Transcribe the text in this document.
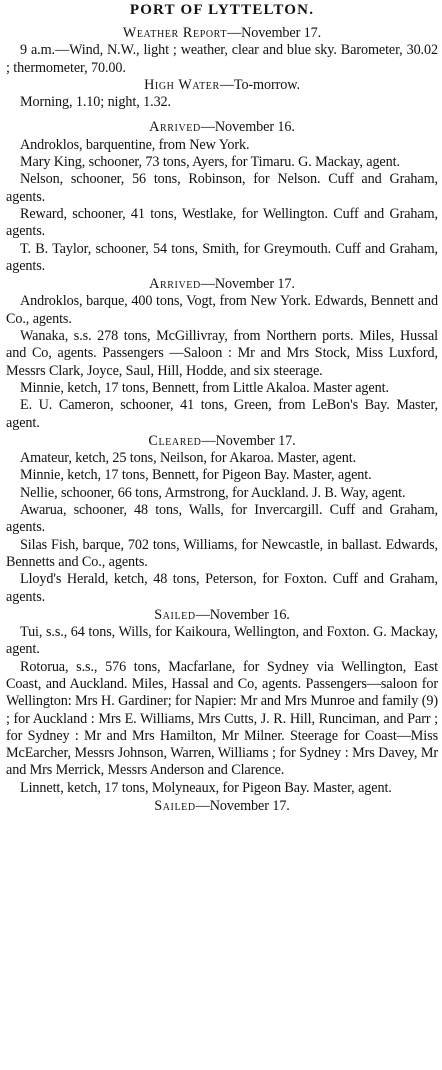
PORT OF LYTTELTON.
Weather Report—November 17.

9 a.m.—Wind, N.W., light ; weather, clear and blue sky. Barometer, 30.02 ; thermometer, 70.00.

High Water—To-morrow.

Morning, 1.10; night, 1.32.

Arrived—November 16.

Androklos, barquentine, from New York.

Mary King, schooner, 73 tons, Ayers, for Timaru. G. Mackay, agent.

Nelson, schooner, 56 tons, Robinson, for Nelson. Cuff and Graham, agents.

Reward, schooner, 41 tons, Westlake, for Wellington. Cuff and Graham, agents.

T. B. Taylor, schooner, 54 tons, Smith, for Greymouth. Cuff and Graham, agents.

Arrived—November 17.

Androklos, barque, 400 tons, Vogt, from New York. Edwards, Bennett and Co., agents.

Wanaka, s.s. 278 tons, McGillivray, from Northern ports. Miles, Hussal and Co, agents. Passengers —Saloon : Mr and Mrs Stock, Miss Luxford, Messrs Clark, Joyce, Saul, Hill, Hodde, and six steerage.

Minnie, ketch, 17 tons, Bennett, from Little Akaloa. Master agent.

E. U. Cameron, schooner, 41 tons, Green, from LeBon's Bay. Master, agent.

Cleared—November 17.

Amateur, ketch, 25 tons, Neilson, for Akaroa. Master, agent.

Minnie, ketch, 17 tons, Bennett, for Pigeon Bay. Master, agent.

Nellie, schooner, 66 tons, Armstrong, for Auckland. J. B. Way, agent.

Awarua, schooner, 48 tons, Walls, for Invercargill. Cuff and Graham, agents.

Silas Fish, barque, 702 tons, Williams, for Newcastle, in ballast. Edwards, Bennetts and Co., agents.

Lloyd's Herald, ketch, 48 tons, Peterson, for Foxton. Cuff and Graham, agents.

Sailed—November 16.

Tui, s.s., 64 tons, Wills, for Kaikoura, Wellington, and Foxton. G. Mackay, agent.

Rotorua, s.s., 576 tons, Macfarlane, for Sydney via Wellington, East Coast, and Auckland. Miles, Hassal and Co, agents. Passengers—saloon for Wellington: Mrs H. Gardiner; for Napier: Mr and Mrs Munroe and family (9) ; for Auckland : Mrs E. Williams, Mrs Cutts, J. R. Hill, Runciman, and Parr ; for Sydney : Mr and Mrs Hamilton, Mr Milner. Steerage for Coast—Miss McEarcher, Messrs Johnson, Warren, Williams ; for Sydney : Mrs Davey, Mr and Mrs Merrick, Messrs Anderson and Clarence.

Linnett, ketch, 17 tons, Molyneaux, for Pigeon Bay. Master, agent.

Sailed—November 17.
